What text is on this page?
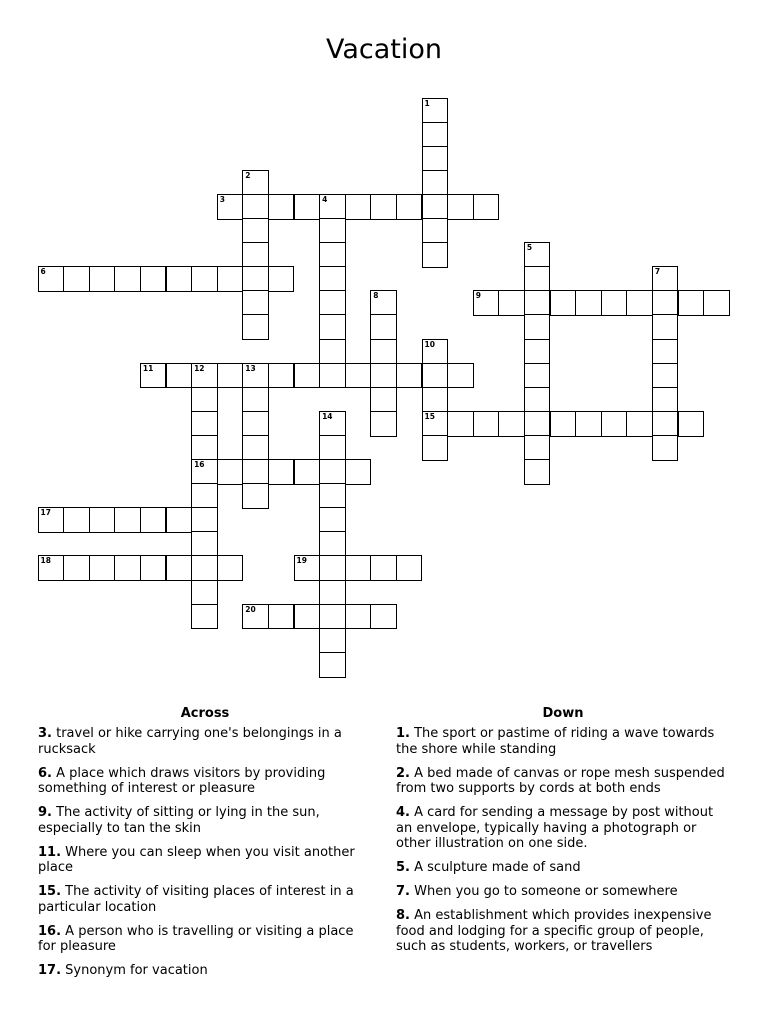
Vacation
1
2
3	4
5
6	7
8	9
10
15
11	12	13
16
14
17
18	19
20
Across	Down
3. travel or hike carrying one's belongings in a rucksack
6. A place which draws visitors by providing something of interest or pleasure
9. The activity of sitting or lying in the sun, especially to tan the skin
11. Where you can sleep when you visit another place
15. The activity of visiting places of interest in a particular location
16. A person who is travelling or visiting a place for pleasure
17. Synonym for vacation
1. The sport or pastime of riding a wave towards the shore while standing
2. A bed made of canvas or rope mesh suspended from two supports by cords at both ends
4. A card for sending a message by post without an envelope, typically having a photograph or other illustration on one side.
5. A sculpture made of sand
7. When you go to someone or somewhere
8. An establishment which provides inexpensive food and lodging for a specific group of people, such as students, workers, or travellers
